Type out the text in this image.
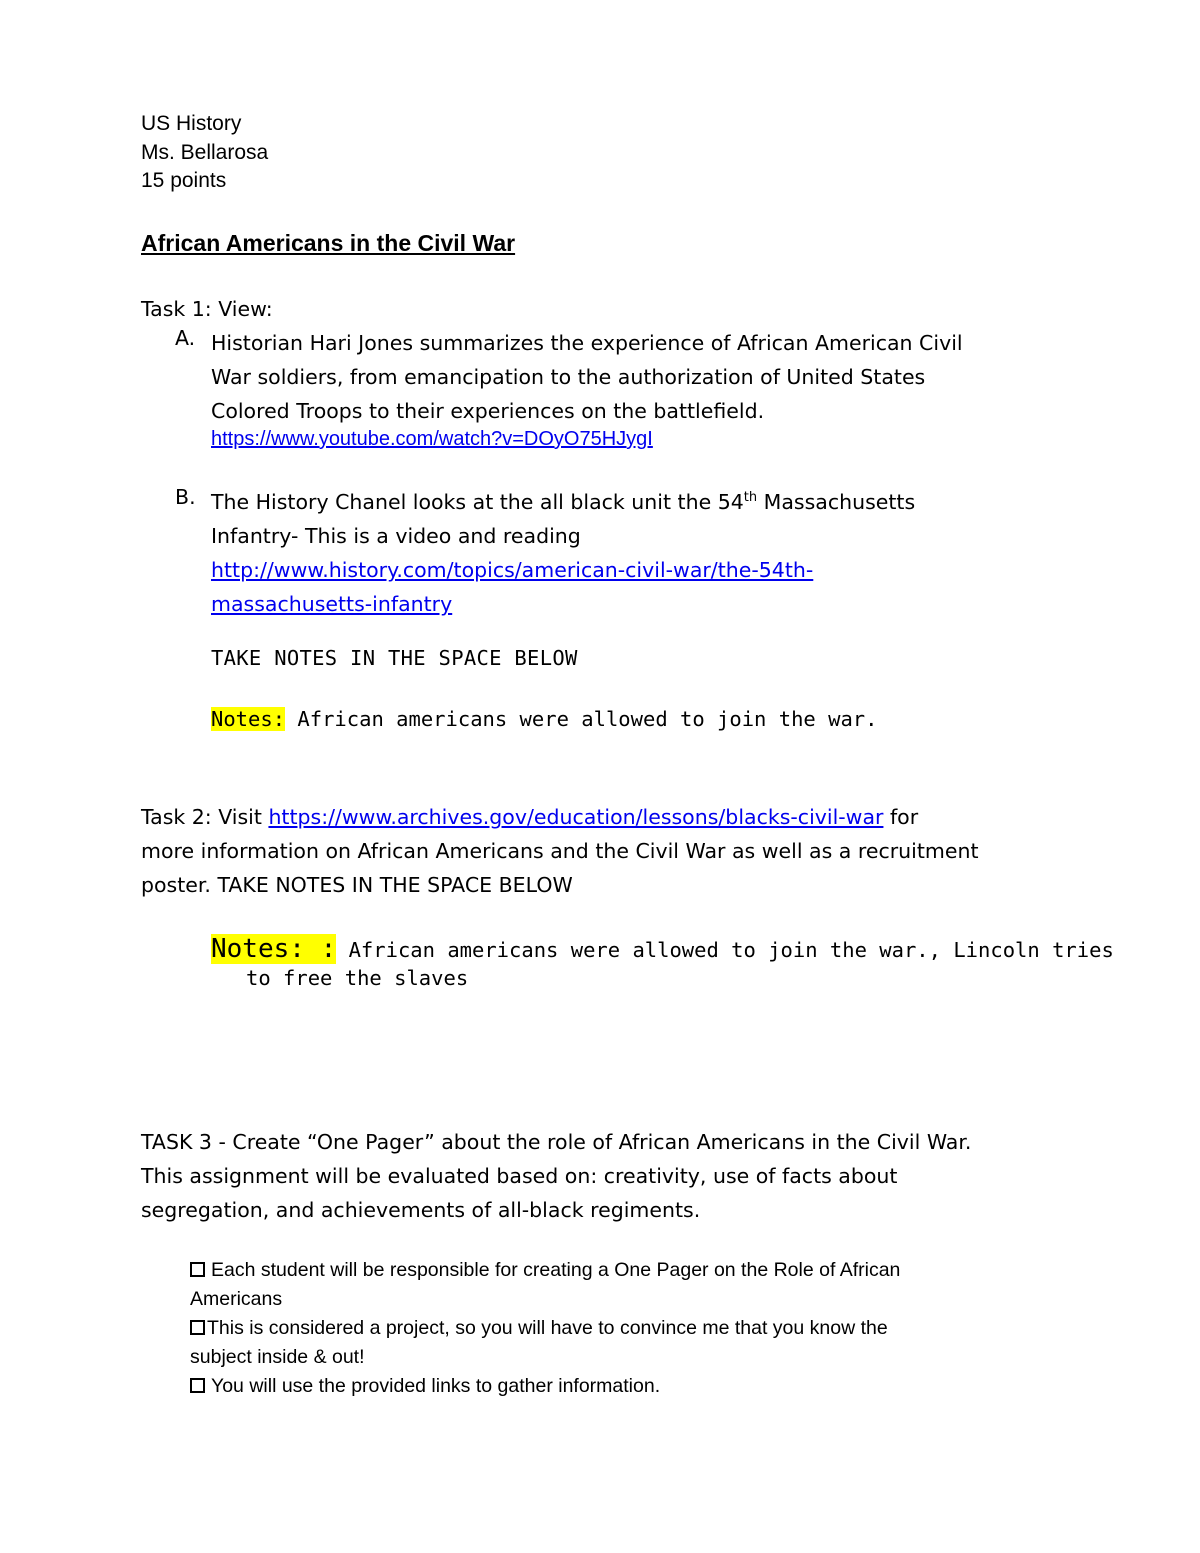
US History
Ms. Bellarosa
15 points
African Americans in the Civil War
Task 1: View:
A. Historian Hari Jones summarizes the experience of African American Civil
War soldiers, from emancipation to the authorization of United States
Colored Troops to their experiences on the battlefield.
https://www.youtube.com/watch?v=DOyO75HJygI
B. The History Chanel looks at the all black unit the 54th Massachusetts
Infantry- This is a video and reading
http://www.history.com/topics/american-civil-war/the-54th-
massachusetts-infantry
TAKE NOTES IN THE SPACE BELOW
Notes: African americans were allowed to join the war.
Task 2: Visit https://www.archives.gov/education/lessons/blacks-civil-war for
more information on African Americans and the Civil War as well as a recruitment
poster. TAKE NOTES IN THE SPACE BELOW
Notes: : African americans were allowed to join the war., Lincoln tries
to free the slaves
TASK 3 - Create “One Pager” about the role of African Americans in the Civil War.
This assignment will be evaluated based on: creativity, use of facts about
segregation, and achievements of all-black regiments.
Each student will be responsible for creating a One Pager on the Role of African
Americans
This is considered a project, so you will have to convince me that you know the
subject inside & out!
You will use the provided links to gather information.
